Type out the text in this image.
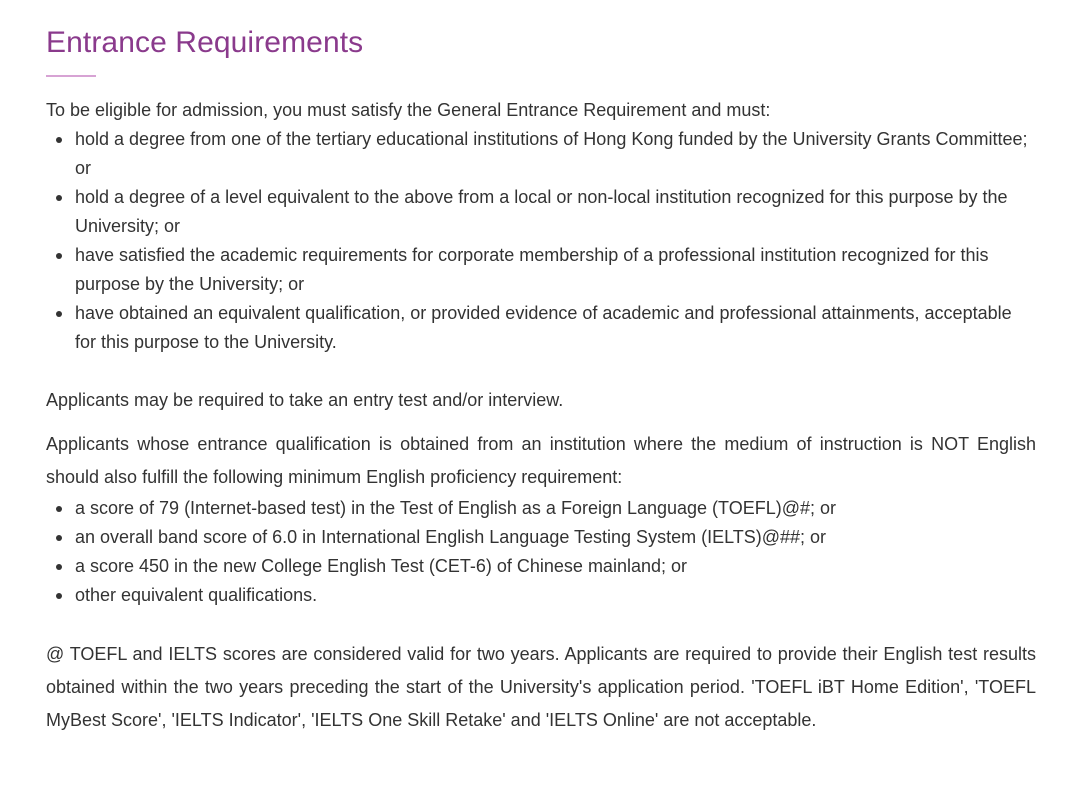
Entrance Requirements

To be eligible for admission, you must satisfy the General Entrance Requirement and must:

hold a degree from one of the tertiary educational institutions of Hong Kong funded by the University Grants Committee; or
hold a degree of a level equivalent to the above from a local or non-local institution recognized for this purpose by the University; or
have satisfied the academic requirements for corporate membership of a professional institution recognized for this purpose by the University; or
have obtained an equivalent qualification, or provided evidence of academic and professional attainments, acceptable for this purpose to the University.

Applicants may be required to take an entry test and/or interview.

Applicants whose entrance qualification is obtained from an institution where the medium of instruction is NOT English should also fulfill the following minimum English proficiency requirement:

a score of 79 (Internet-based test) in the Test of English as a Foreign Language (TOEFL)@#; or
an overall band score of 6.0 in International English Language Testing System (IELTS)@##; or
a score 450 in the new College English Test (CET-6) of Chinese mainland; or
other equivalent qualifications.

@ TOEFL and IELTS scores are considered valid for two years. Applicants are required to provide their English test results obtained within the two years preceding the start of the University's application period. 'TOEFL iBT Home Edition', 'TOEFL MyBest Score', 'IELTS Indicator', 'IELTS One Skill Retake' and 'IELTS Online' are not acceptable.
